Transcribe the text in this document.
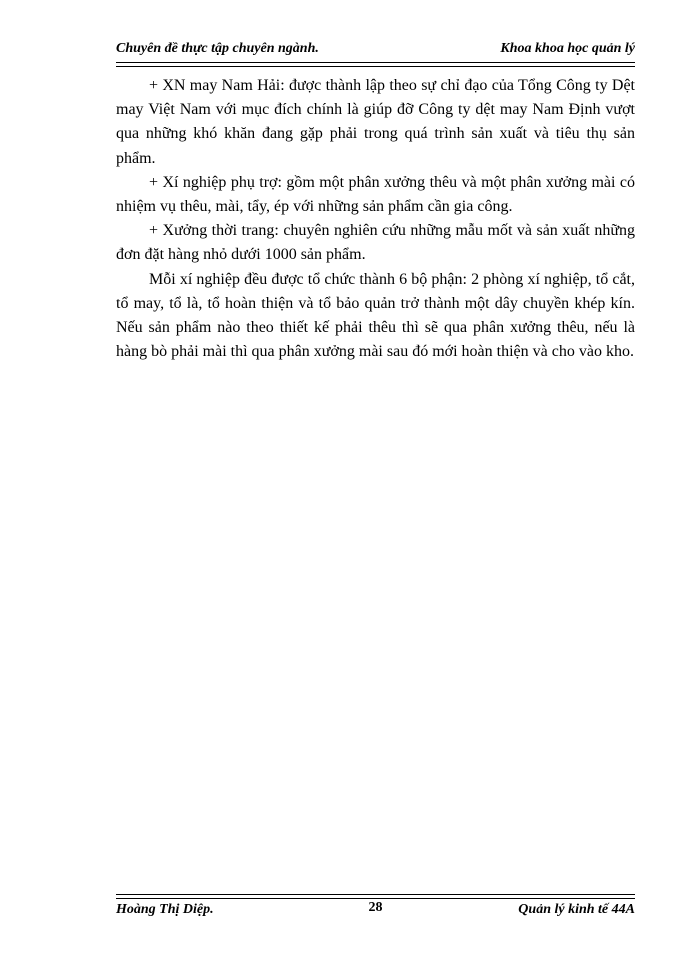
Chuyên đề thực tập chuyên ngành.	Khoa khoa học quản lý

+ XN may Nam Hải: được thành lập theo sự chỉ đạo của Tổng Công ty Dệt may Việt Nam với mục đích chính là giúp đỡ Công ty dệt may Nam Định vượt qua những khó khăn đang gặp phải trong quá trình sản xuất và tiêu thụ sản phẩm.

+ Xí nghiệp phụ trợ: gồm một phân xưởng thêu và một phân xưởng mài có nhiệm vụ thêu, mài, tẩy, ép với những sản phẩm cần gia công.

+ Xưởng thời trang: chuyên nghiên cứu những mẫu mốt và sản xuất những đơn đặt hàng nhỏ dưới 1000 sản phẩm.

Mỗi xí nghiệp đều được tổ chức thành 6 bộ phận: 2 phòng xí nghiệp, tổ cắt, tổ may, tổ là, tổ hoàn thiện và tổ bảo quản trở thành một dây chuyền khép kín. Nếu sản phẩm nào theo thiết kế phải thêu thì sẽ qua phân xưởng thêu, nếu là hàng bò phải mài thì qua phân xưởng mài sau đó mới hoàn thiện và cho vào kho.

Hoàng Thị Diệp.	28	Quản lý kinh tế 44A
